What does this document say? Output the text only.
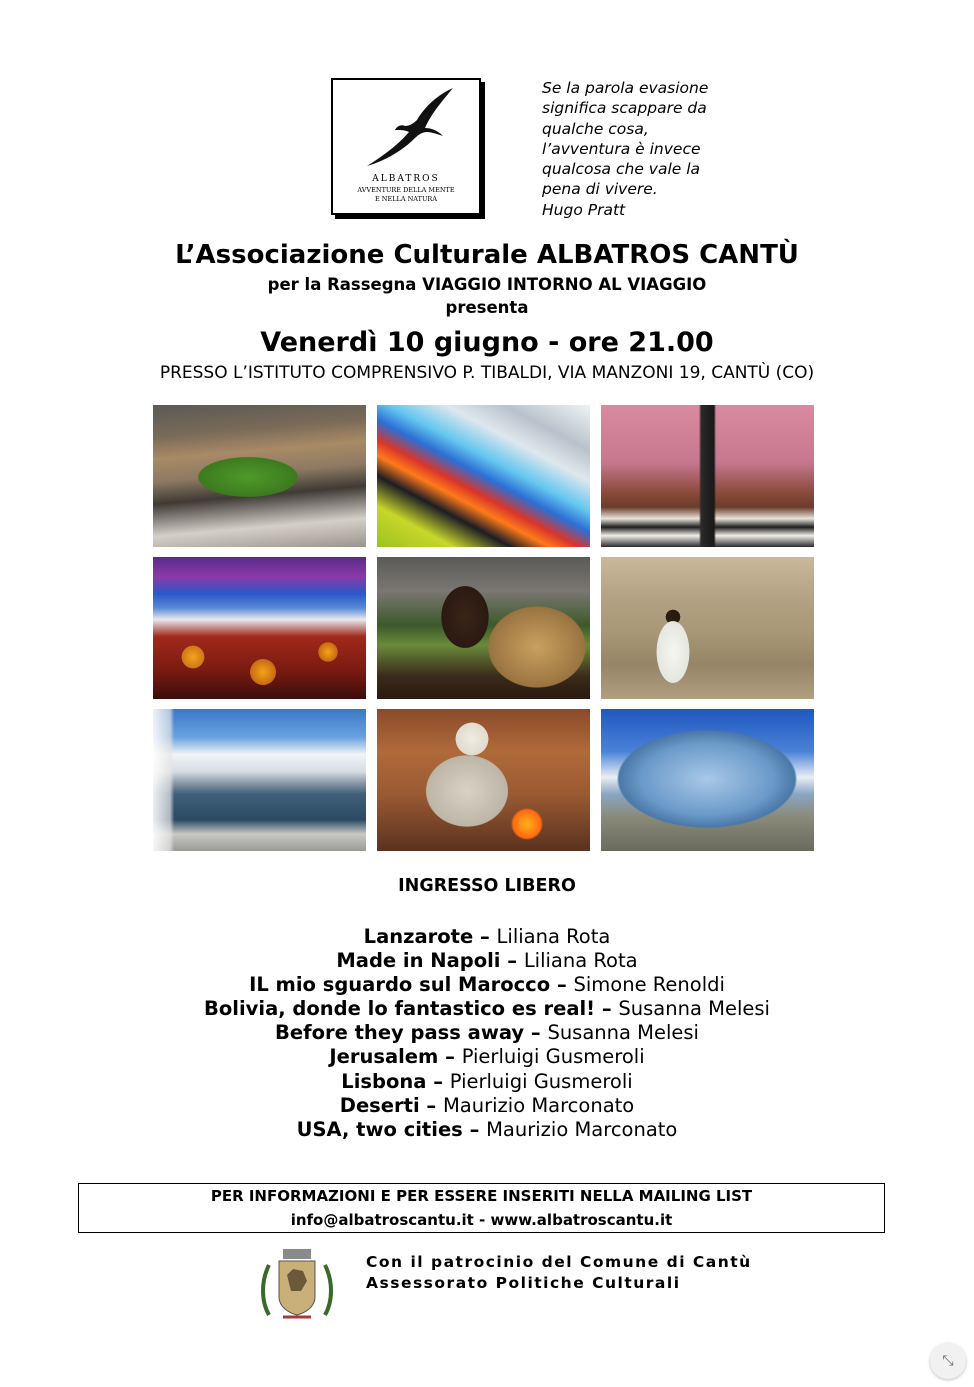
ALBATROS
AVVENTURE DELLA MENTE
E NELLA NATURA
Se la parola evasione
significa scappare da
qualche cosa,
l’avventura è invece
qualcosa che vale la
pena di vivere.
Hugo Pratt
L’Associazione Culturale ALBATROS CANTÙ
per la Rassegna VIAGGIO INTORNO AL VIAGGIO
presenta
Venerdì 10 giugno - ore 21.00
PRESSO L’ISTITUTO COMPRENSIVO P. TIBALDI, VIA MANZONI 19, CANTÙ (CO)
INGRESSO LIBERO
Lanzarote – Liliana Rota
Made in Napoli – Liliana Rota
IL mio sguardo sul Marocco – Simone Renoldi
Bolivia, donde lo fantastico es real! – Susanna Melesi
Before they pass away – Susanna Melesi
Jerusalem – Pierluigi Gusmeroli
Lisbona – Pierluigi Gusmeroli
Deserti – Maurizio Marconato
USA, two cities – Maurizio Marconato
PER INFORMAZIONI E PER ESSERE INSERITI NELLA MAILING LIST
info@albatroscantu.it - www.albatroscantu.it
Con il patrocinio del Comune di Cantù
Assessorato Politiche Culturali
⤡
